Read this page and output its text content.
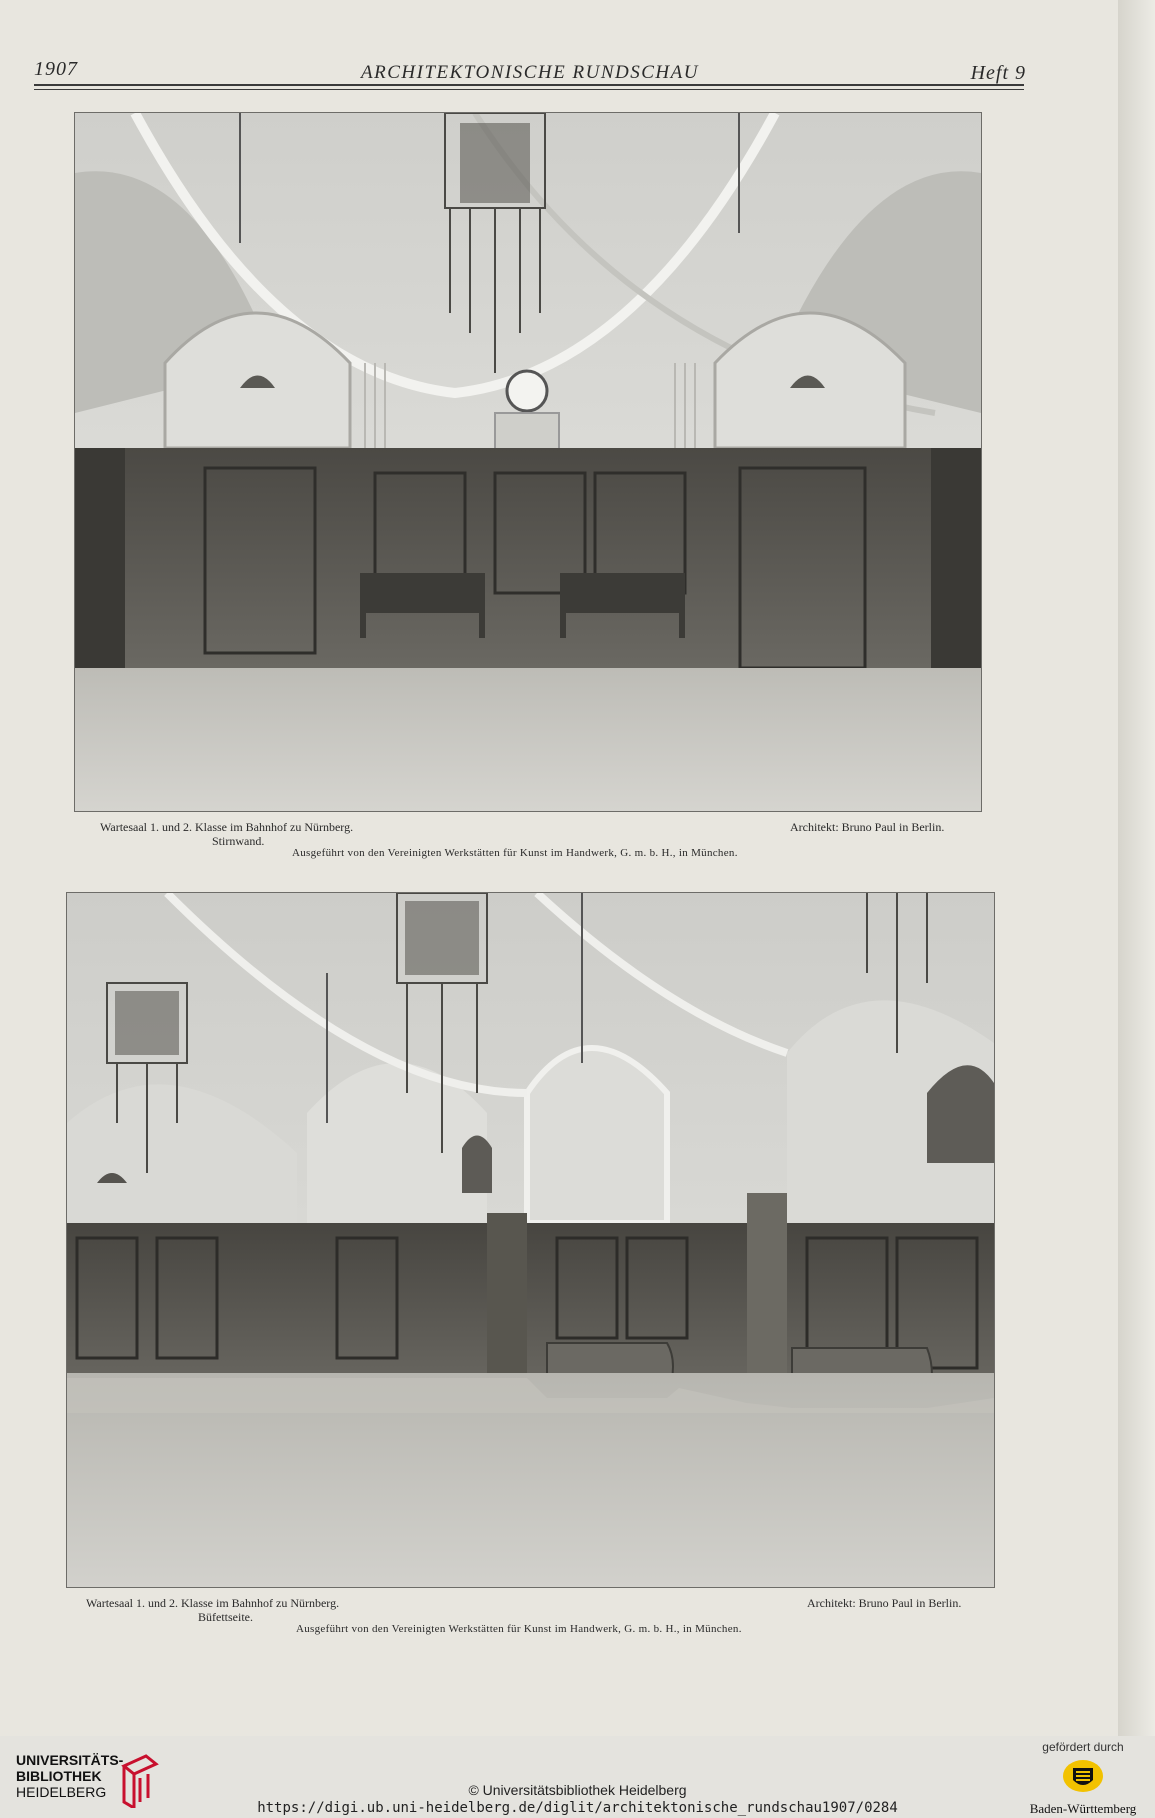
1907	ARCHITEKTONISCHE RUNDSCHAU	Heft 9
Wartesaal 1. und 2. Klasse im Bahnhof zu Nürnberg.
Stirnwand.
Architekt: Bruno Paul in Berlin.
Ausgeführt von den Vereinigten Werkstätten für Kunst im Handwerk, G. m. b. H., in München.
Wartesaal 1. und 2. Klasse im Bahnhof zu Nürnberg.
Büfettseite.
Architekt: Bruno Paul in Berlin.
Ausgeführt von den Vereinigten Werkstätten für Kunst im Handwerk, G. m. b. H., in München.
UNIVERSITÄTS-
BIBLIOTHEK
HEIDELBERG	© Universitätsbibliothek Heidelberg
https://digi.ub.uni-heidelberg.de/diglit/architektonische_rundschau1907/0284
gefördert durch
Baden-Württemberg
